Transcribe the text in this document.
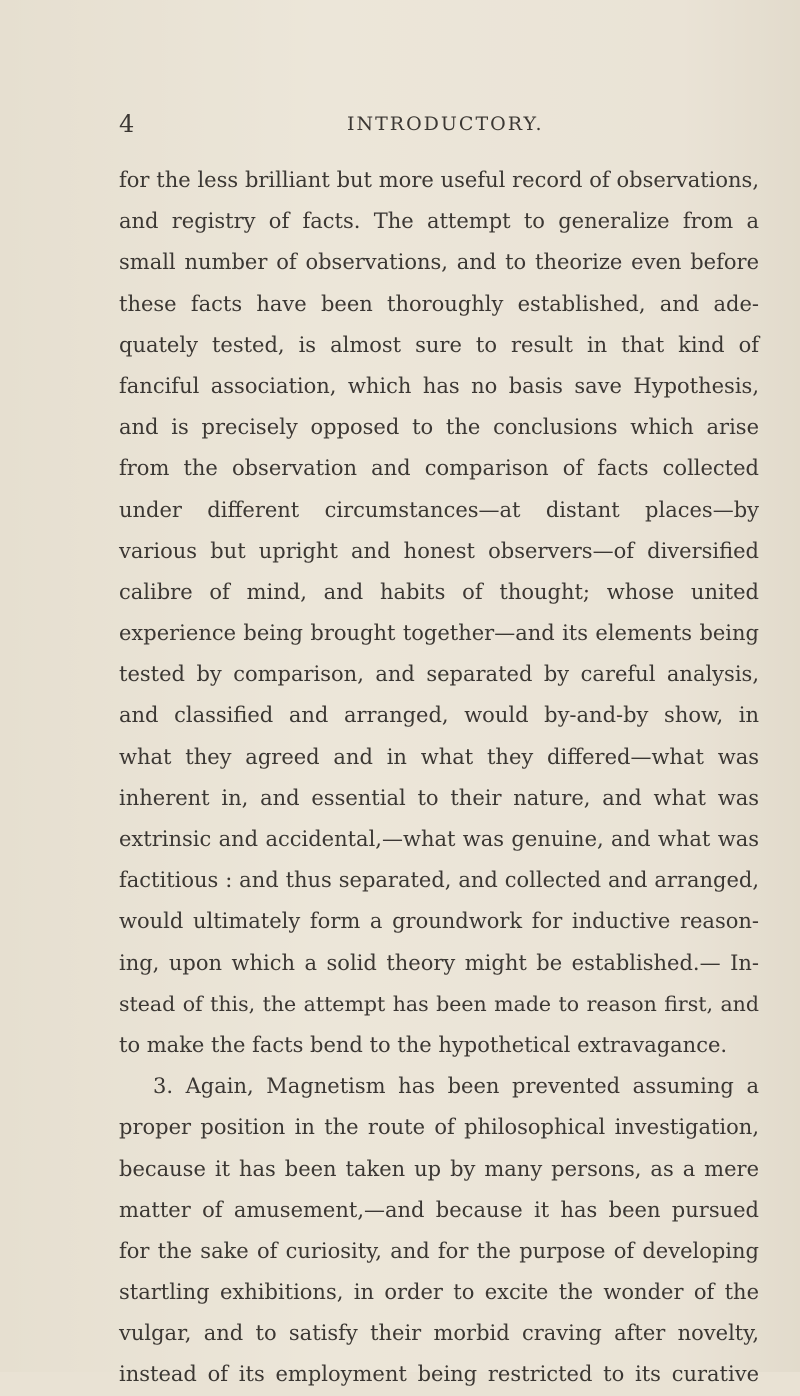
4	INTRODUCTORY.
for the less brilliant but more useful record of observations,
and registry of facts. The attempt to generalize from a
small number of observations, and to theorize even before
these facts have been thoroughly established, and ade-
quately tested, is almost sure to result in that kind of
fanciful association, which has no basis save Hypothesis,
and is precisely opposed to the conclusions which arise
from the observation and comparison of facts collected
under different circumstances—at distant places—by
various but upright and honest observers—of diversified
calibre of mind, and habits of thought; whose united
experience being brought together—and its elements being
tested by comparison, and separated by careful analysis,
and classified and arranged, would by-and-by show, in
what they agreed and in what they differed—what was
inherent in, and essential to their nature, and what was
extrinsic and accidental,—what was genuine, and what was
factitious : and thus separated, and collected and arranged,
would ultimately form a groundwork for inductive reason-
ing, upon which a solid theory might be established.— In-
stead of this, the attempt has been made to reason first, and
to make the facts bend to the hypothetical extravagance.
3. Again, Magnetism has been prevented assuming a
proper position in the route of philosophical investigation,
because it has been taken up by many persons, as a mere
matter of amusement,—and because it has been pursued
for the sake of curiosity, and for the purpose of developing
startling exhibitions, in order to excite the wonder of the
vulgar, and to satisfy their morbid craving after novelty,
instead of its employment being restricted to its curative
